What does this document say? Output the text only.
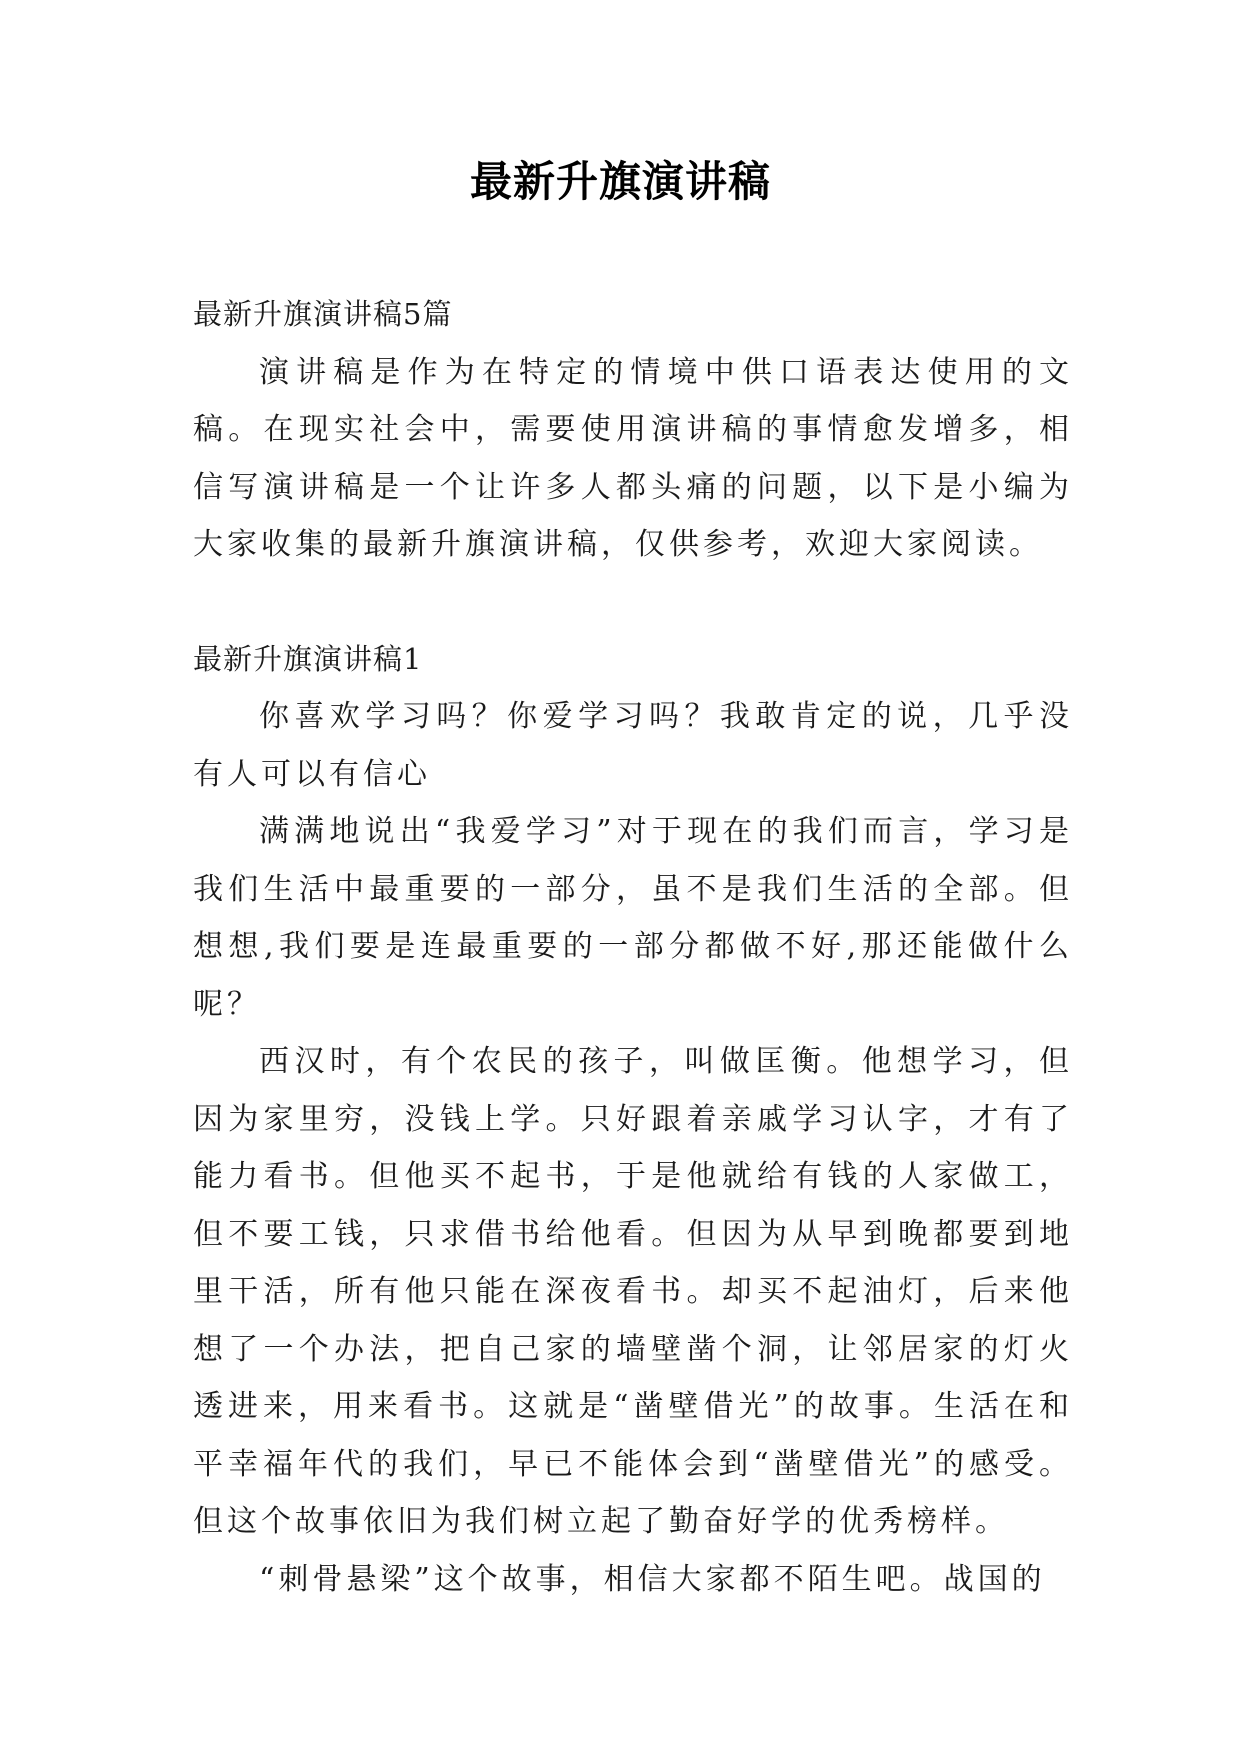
最新升旗演讲稿

最新升旗演讲稿5篇

演讲稿是作为在特定的情境中供口语表达使用的文稿。在现实社会中，需要使用演讲稿的事情愈发增多，相信写演讲稿是一个让许多人都头痛的问题，以下是小编为大家收集的最新升旗演讲稿，仅供参考，欢迎大家阅读。

最新升旗演讲稿1

你喜欢学习吗？你爱学习吗？我敢肯定的说，几乎没有人可以有信心

满满地说出“我爱学习”对于现在的我们而言，学习是我们生活中最重要的一部分，虽不是我们生活的全部。但想想,我们要是连最重要的一部分都做不好,那还能做什么呢？

西汉时，有个农民的孩子，叫做匡衡。他想学习，但因为家里穷，没钱上学。只好跟着亲戚学习认字，才有了能力看书。但他买不起书，于是他就给有钱的人家做工，但不要工钱，只求借书给他看。但因为从早到晚都要到地里干活，所有他只能在深夜看书。却买不起油灯，后来他想了一个办法，把自己家的墙壁凿个洞，让邻居家的灯火透进来，用来看书。这就是“凿壁借光”的故事。生活在和平幸福年代的我们，早已不能体会到“凿壁借光”的感受。但这个故事依旧为我们树立起了勤奋好学的优秀榜样。

“刺骨悬梁”这个故事，相信大家都不陌生吧。战国的
